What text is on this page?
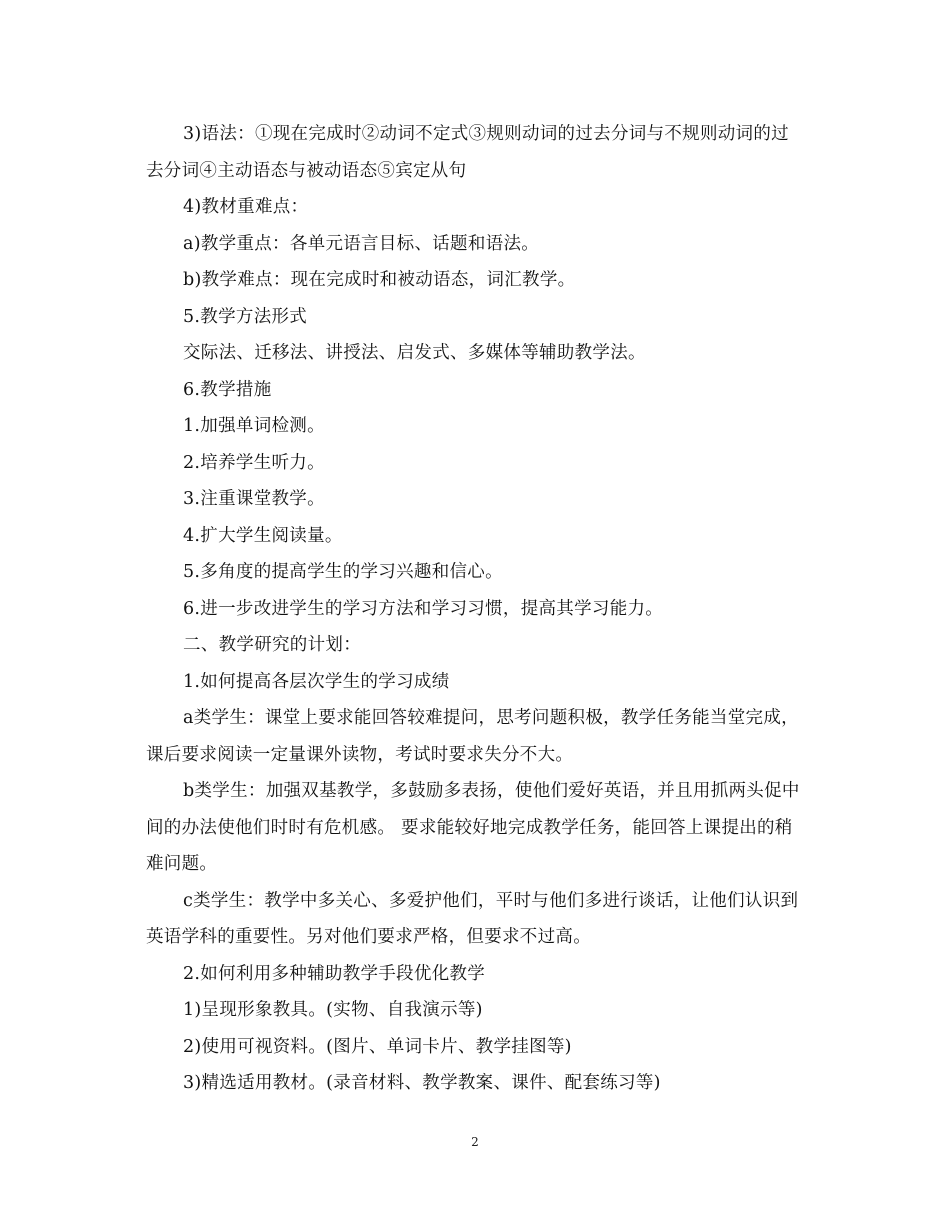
3)语法：①现在完成时②动词不定式③规则动词的过去分词与不规则动词的过去分词④主动语态与被动语态⑤宾定从句

4)教材重难点：

a)教学重点：各单元语言目标、话题和语法。

b)教学难点：现在完成时和被动语态，词汇教学。

5.教学方法形式

交际法、迁移法、讲授法、启发式、多媒体等辅助教学法。

6.教学措施

1.加强单词检测。

2.培养学生听力。

3.注重课堂教学。

4.扩大学生阅读量。

5.多角度的提高学生的学习兴趣和信心。

6.进一步改进学生的学习方法和学习习惯，提高其学习能力。

二、教学研究的计划：

1.如何提高各层次学生的学习成绩

a类学生：课堂上要求能回答较难提问，思考问题积极，教学任务能当堂完成，课后要求阅读一定量课外读物，考试时要求失分不大。

b类学生：加强双基教学，多鼓励多表扬，使他们爱好英语，并且用抓两头促中间的办法使他们时时有危机感。 要求能较好地完成教学任务，能回答上课提出的稍难问题。

c类学生：教学中多关心、多爱护他们，平时与他们多进行谈话，让他们认识到英语学科的重要性。另对他们要求严格，但要求不过高。

2.如何利用多种辅助教学手段优化教学

1)呈现形象教具。(实物、自我演示等)

2)使用可视资料。(图片、单词卡片、教学挂图等)

3)精选适用教材。(录音材料、教学教案、课件、配套练习等)

2
